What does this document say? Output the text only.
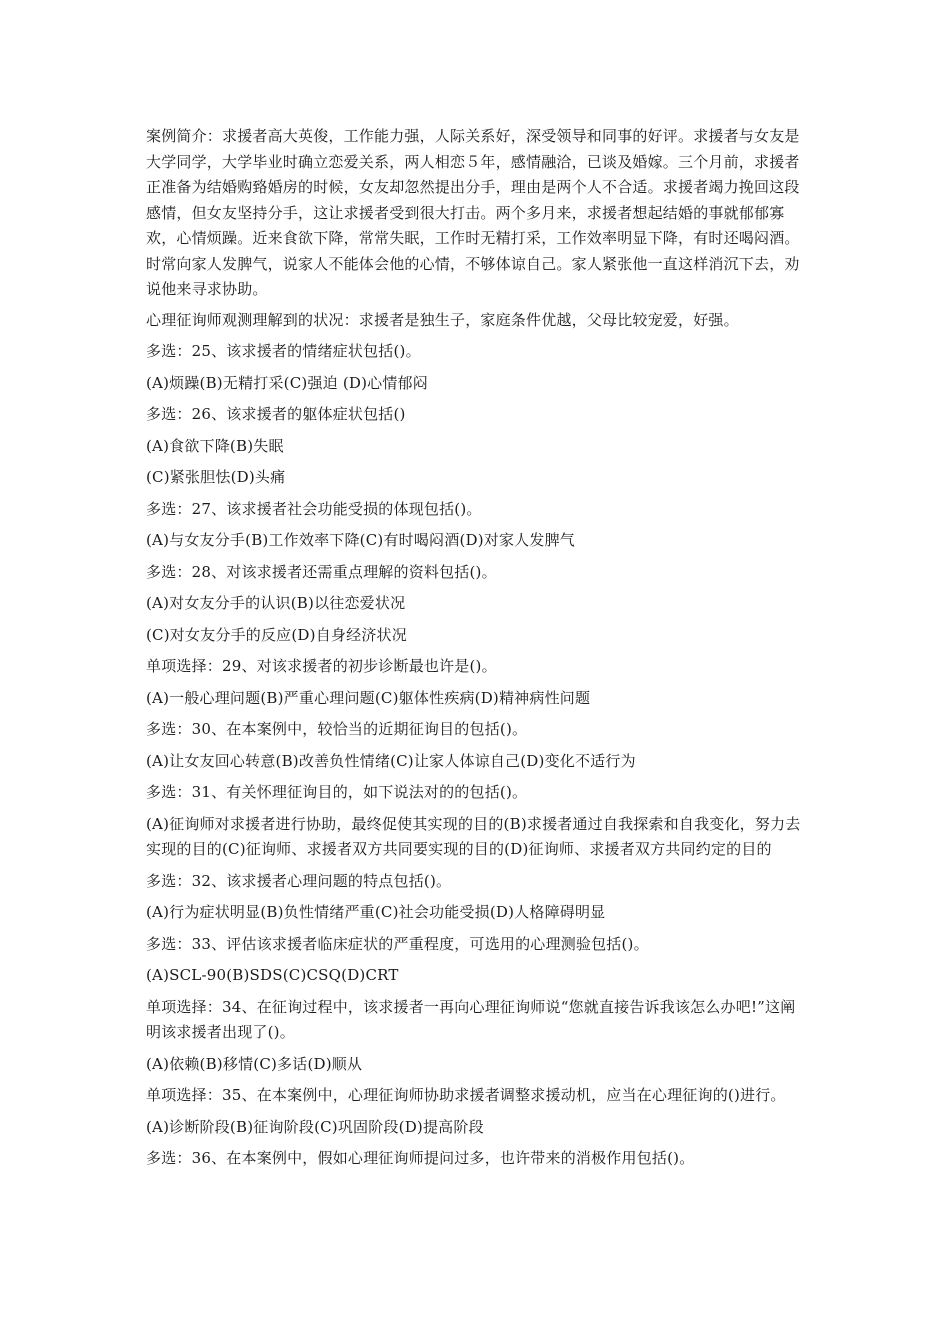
案例简介：求援者高大英俊，工作能力强，人际关系好，深受领导和同事的好评。求援者与女友是大学同学，大学毕业时确立恋爱关系，两人相恋５年，感情融洽，已谈及婚嫁。三个月前，求援者正准备为结婚购臵婚房的时候，女友却忽然提出分手，理由是两个人不合适。求援者竭力挽回这段感情，但女友坚持分手，这让求援者受到很大打击。两个多月来，求援者想起结婚的事就郁郁寡欢，心情烦躁。近来食欲下降，常常失眠，工作时无精打采，工作效率明显下降，有时还喝闷酒。时常向家人发脾气，说家人不能体会他的心情，不够体谅自己。家人紧张他一直这样消沉下去，劝说他来寻求协助。

心理征询师观测理解到的状况：求援者是独生子，家庭条件优越，父母比较宠爱，好强。

多选：25、该求援者的情绪症状包括()。

(A)烦躁(B)无精打采(C)强迫 (D)心情郁闷

多选：26、该求援者的躯体症状包括()

(A)食欲下降(B)失眠

(C)紧张胆怯(D)头痛

多选：27、该求援者社会功能受损的体现包括()。

(A)与女友分手(B)工作效率下降(C)有时喝闷酒(D)对家人发脾气

多选：28、对该求援者还需重点理解的资料包括()。

(A)对女友分手的认识(B)以往恋爱状况

(C)对女友分手的反应(D)自身经济状况

单项选择：29、对该求援者的初步诊断最也许是()。

(A)一般心理问题(B)严重心理问题(C)躯体性疾病(D)精神病性问题

多选：30、在本案例中，较恰当的近期征询目的包括()。

(A)让女友回心转意(B)改善负性情绪(C)让家人体谅自己(D)变化不适行为

多选：31、有关怀理征询目的，如下说法对的的包括()。

(A)征询师对求援者进行协助，最终促使其实现的目的(B)求援者通过自我探索和自我变化，努力去实现的目的(C)征询师、求援者双方共同要实现的目的(D)征询师、求援者双方共同约定的目的

多选：32、该求援者心理问题的特点包括()。

(A)行为症状明显(B)负性情绪严重(C)社会功能受损(D)人格障碍明显

多选：33、评估该求援者临床症状的严重程度，可选用的心理测验包括()。

(A)SCL-90(B)SDS(C)CSQ(D)CRT

单项选择：34、在征询过程中，该求援者一再向心理征询师说“您就直接告诉我该怎么办吧!”这阐明该求援者出现了()。

(A)依赖(B)移情(C)多话(D)顺从

单项选择：35、在本案例中，心理征询师协助求援者调整求援动机，应当在心理征询的()进行。

(A)诊断阶段(B)征询阶段(C)巩固阶段(D)提高阶段

多选：36、在本案例中，假如心理征询师提问过多，也许带来的消极作用包括()。
